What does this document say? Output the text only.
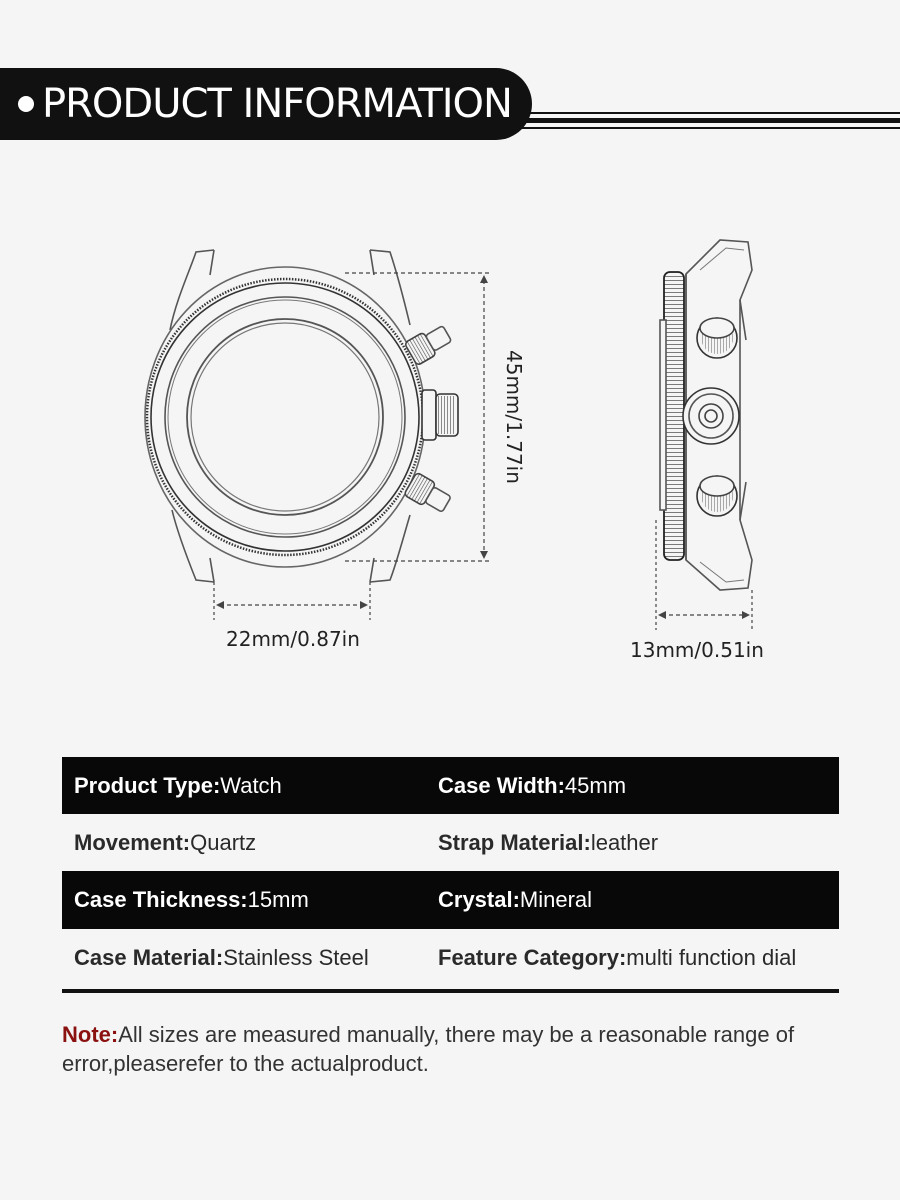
PRODUCT INFORMATION
45mm/1.77in
22mm/0.87in	13mm/0.51in
Product Type:Watch	Case Width:45mm
Movement:Quartz	Strap Material:leather
Case Thickness:15mm	Crystal:Mineral
Case Material:Stainless Steel	Feature Category:multi function dial
Note:All sizes are measured manually, there may be a reasonable range of error,pleaserefer to the actualproduct.
